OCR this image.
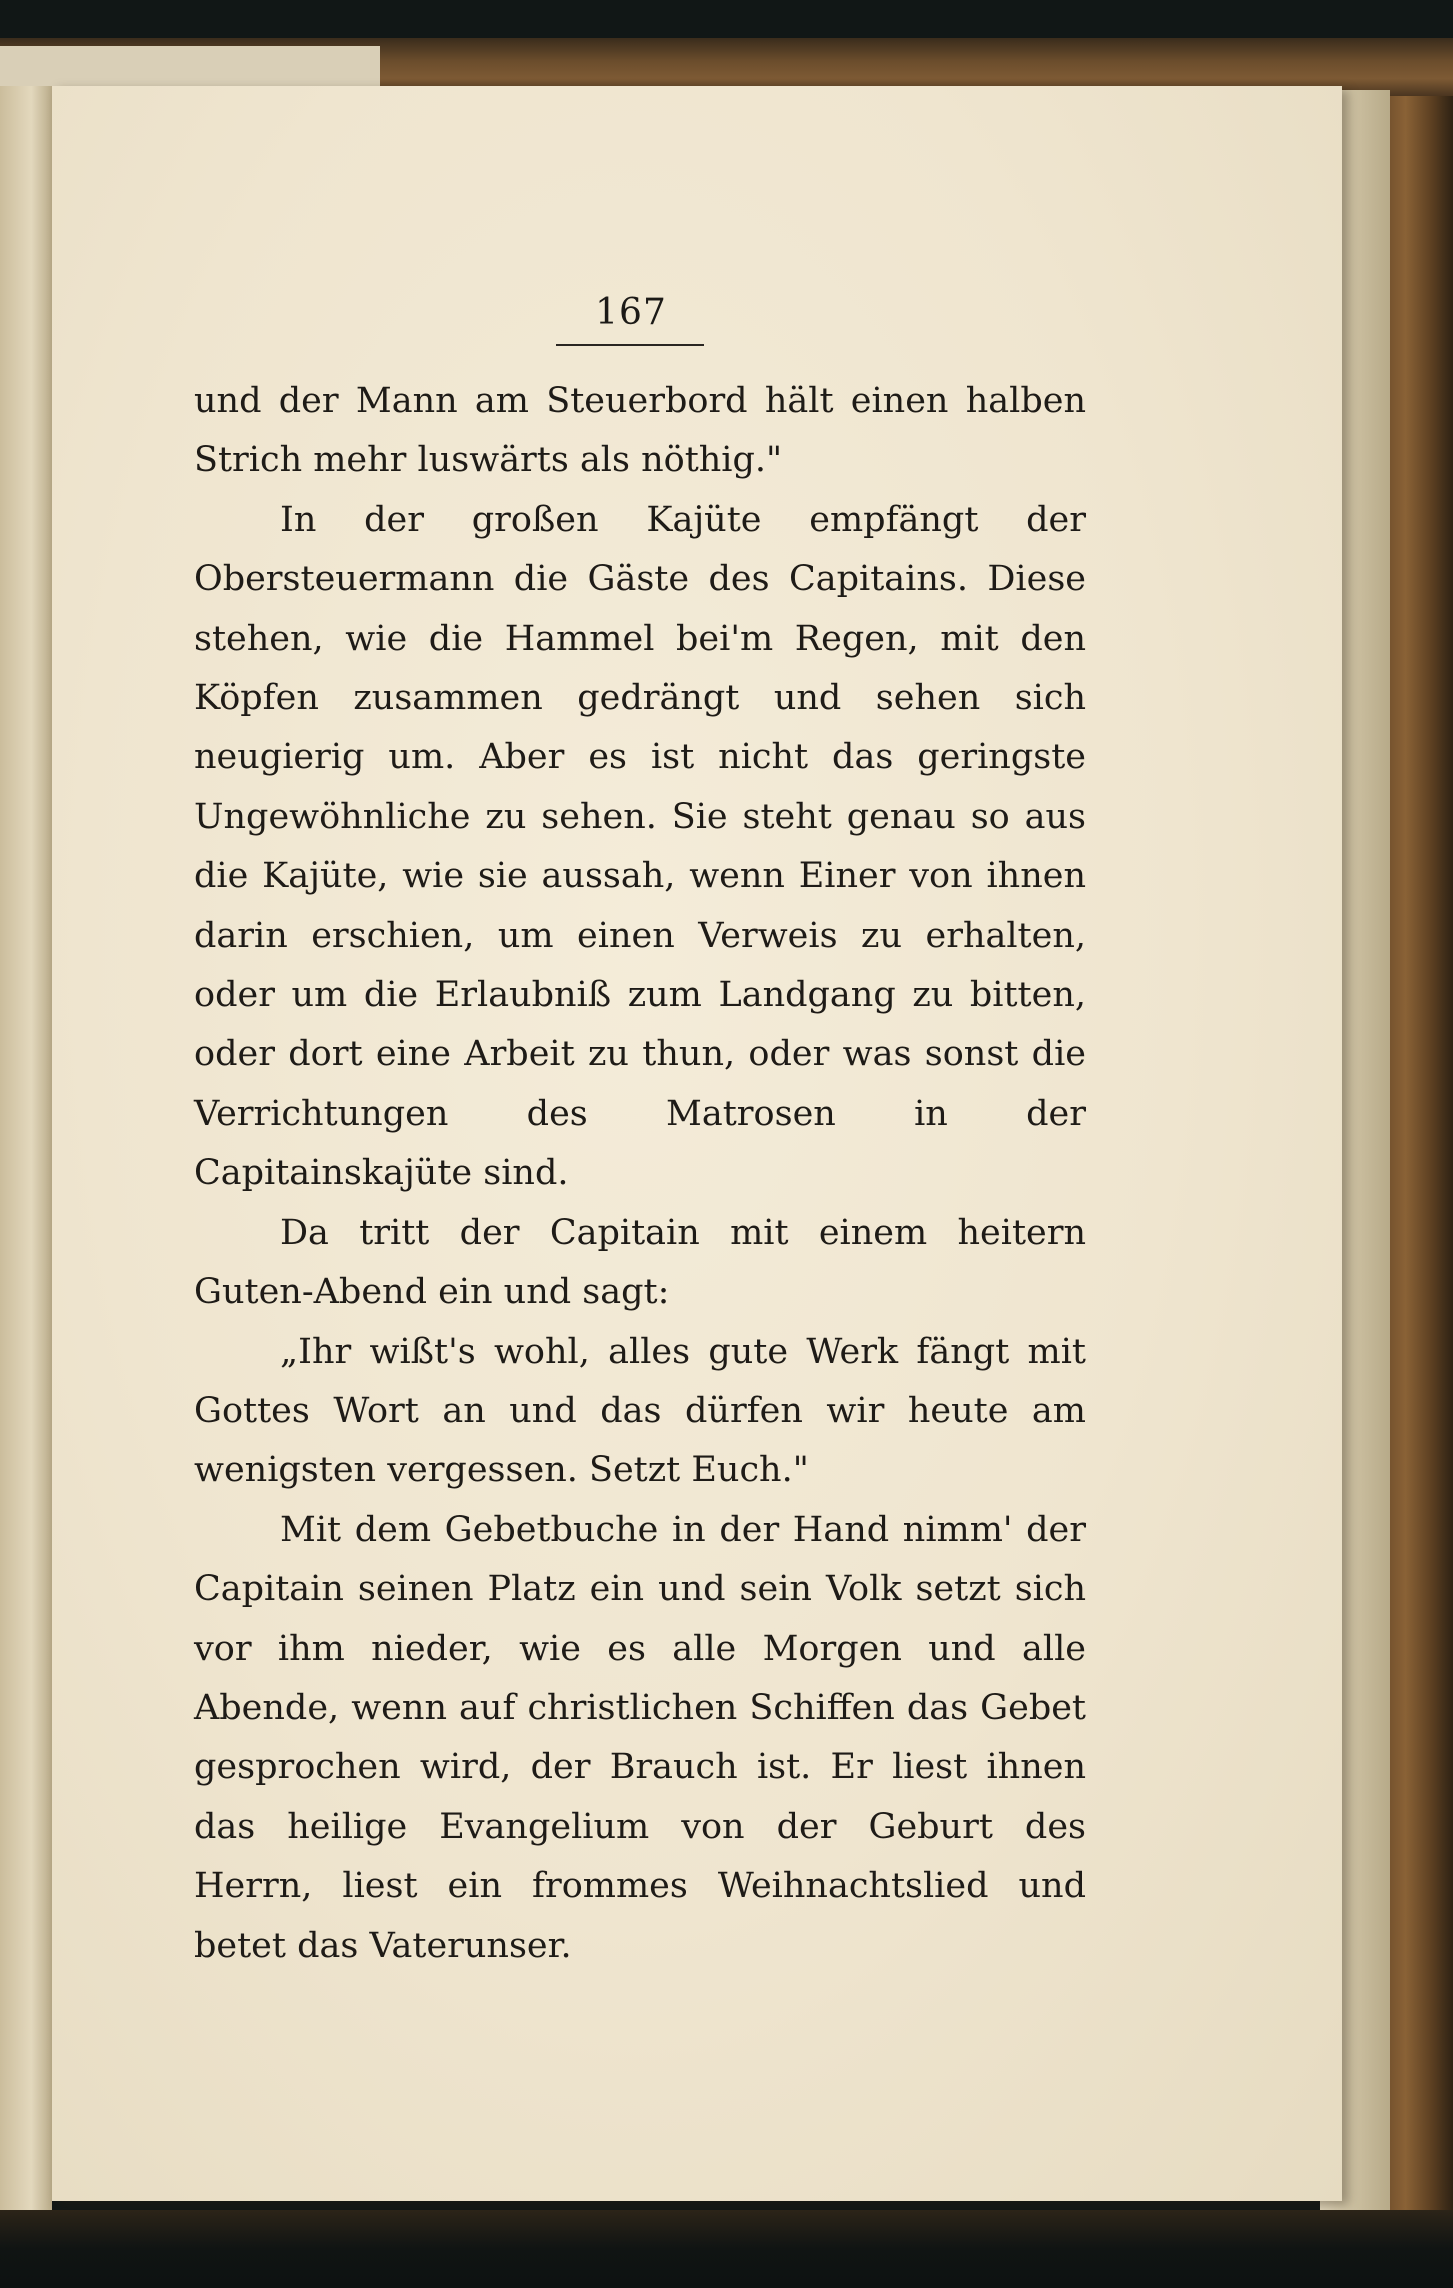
167

und der Mann am Steuerbord hält einen halben Strich mehr luswärts als nöthig."

In der großen Kajüte empfängt der Obersteuermann die Gäste des Capitains. Diese stehen, wie die Hammel bei'm Regen, mit den Köpfen zusammen gedrängt und sehen sich neugierig um. Aber es ist nicht das geringste Ungewöhnliche zu sehen. Sie steht genau so aus die Kajüte, wie sie aussah, wenn Einer von ihnen darin erschien, um einen Verweis zu erhalten, oder um die Erlaubniß zum Landgang zu bitten, oder dort eine Arbeit zu thun, oder was sonst die Verrichtungen des Matrosen in der Capitainskajüte sind.

Da tritt der Capitain mit einem heitern Guten-Abend ein und sagt:

„Ihr wißt's wohl, alles gute Werk fängt mit Gottes Wort an und das dürfen wir heute am wenigsten vergessen. Setzt Euch."

Mit dem Gebetbuche in der Hand nimm' der Capitain seinen Platz ein und sein Volk setzt sich vor ihm nieder, wie es alle Morgen und alle Abende, wenn auf christlichen Schiffen das Gebet gesprochen wird, der Brauch ist. Er liest ihnen das heilige Evangelium von der Geburt des Herrn, liest ein frommes Weihnachtslied und betet das Vaterunser.
